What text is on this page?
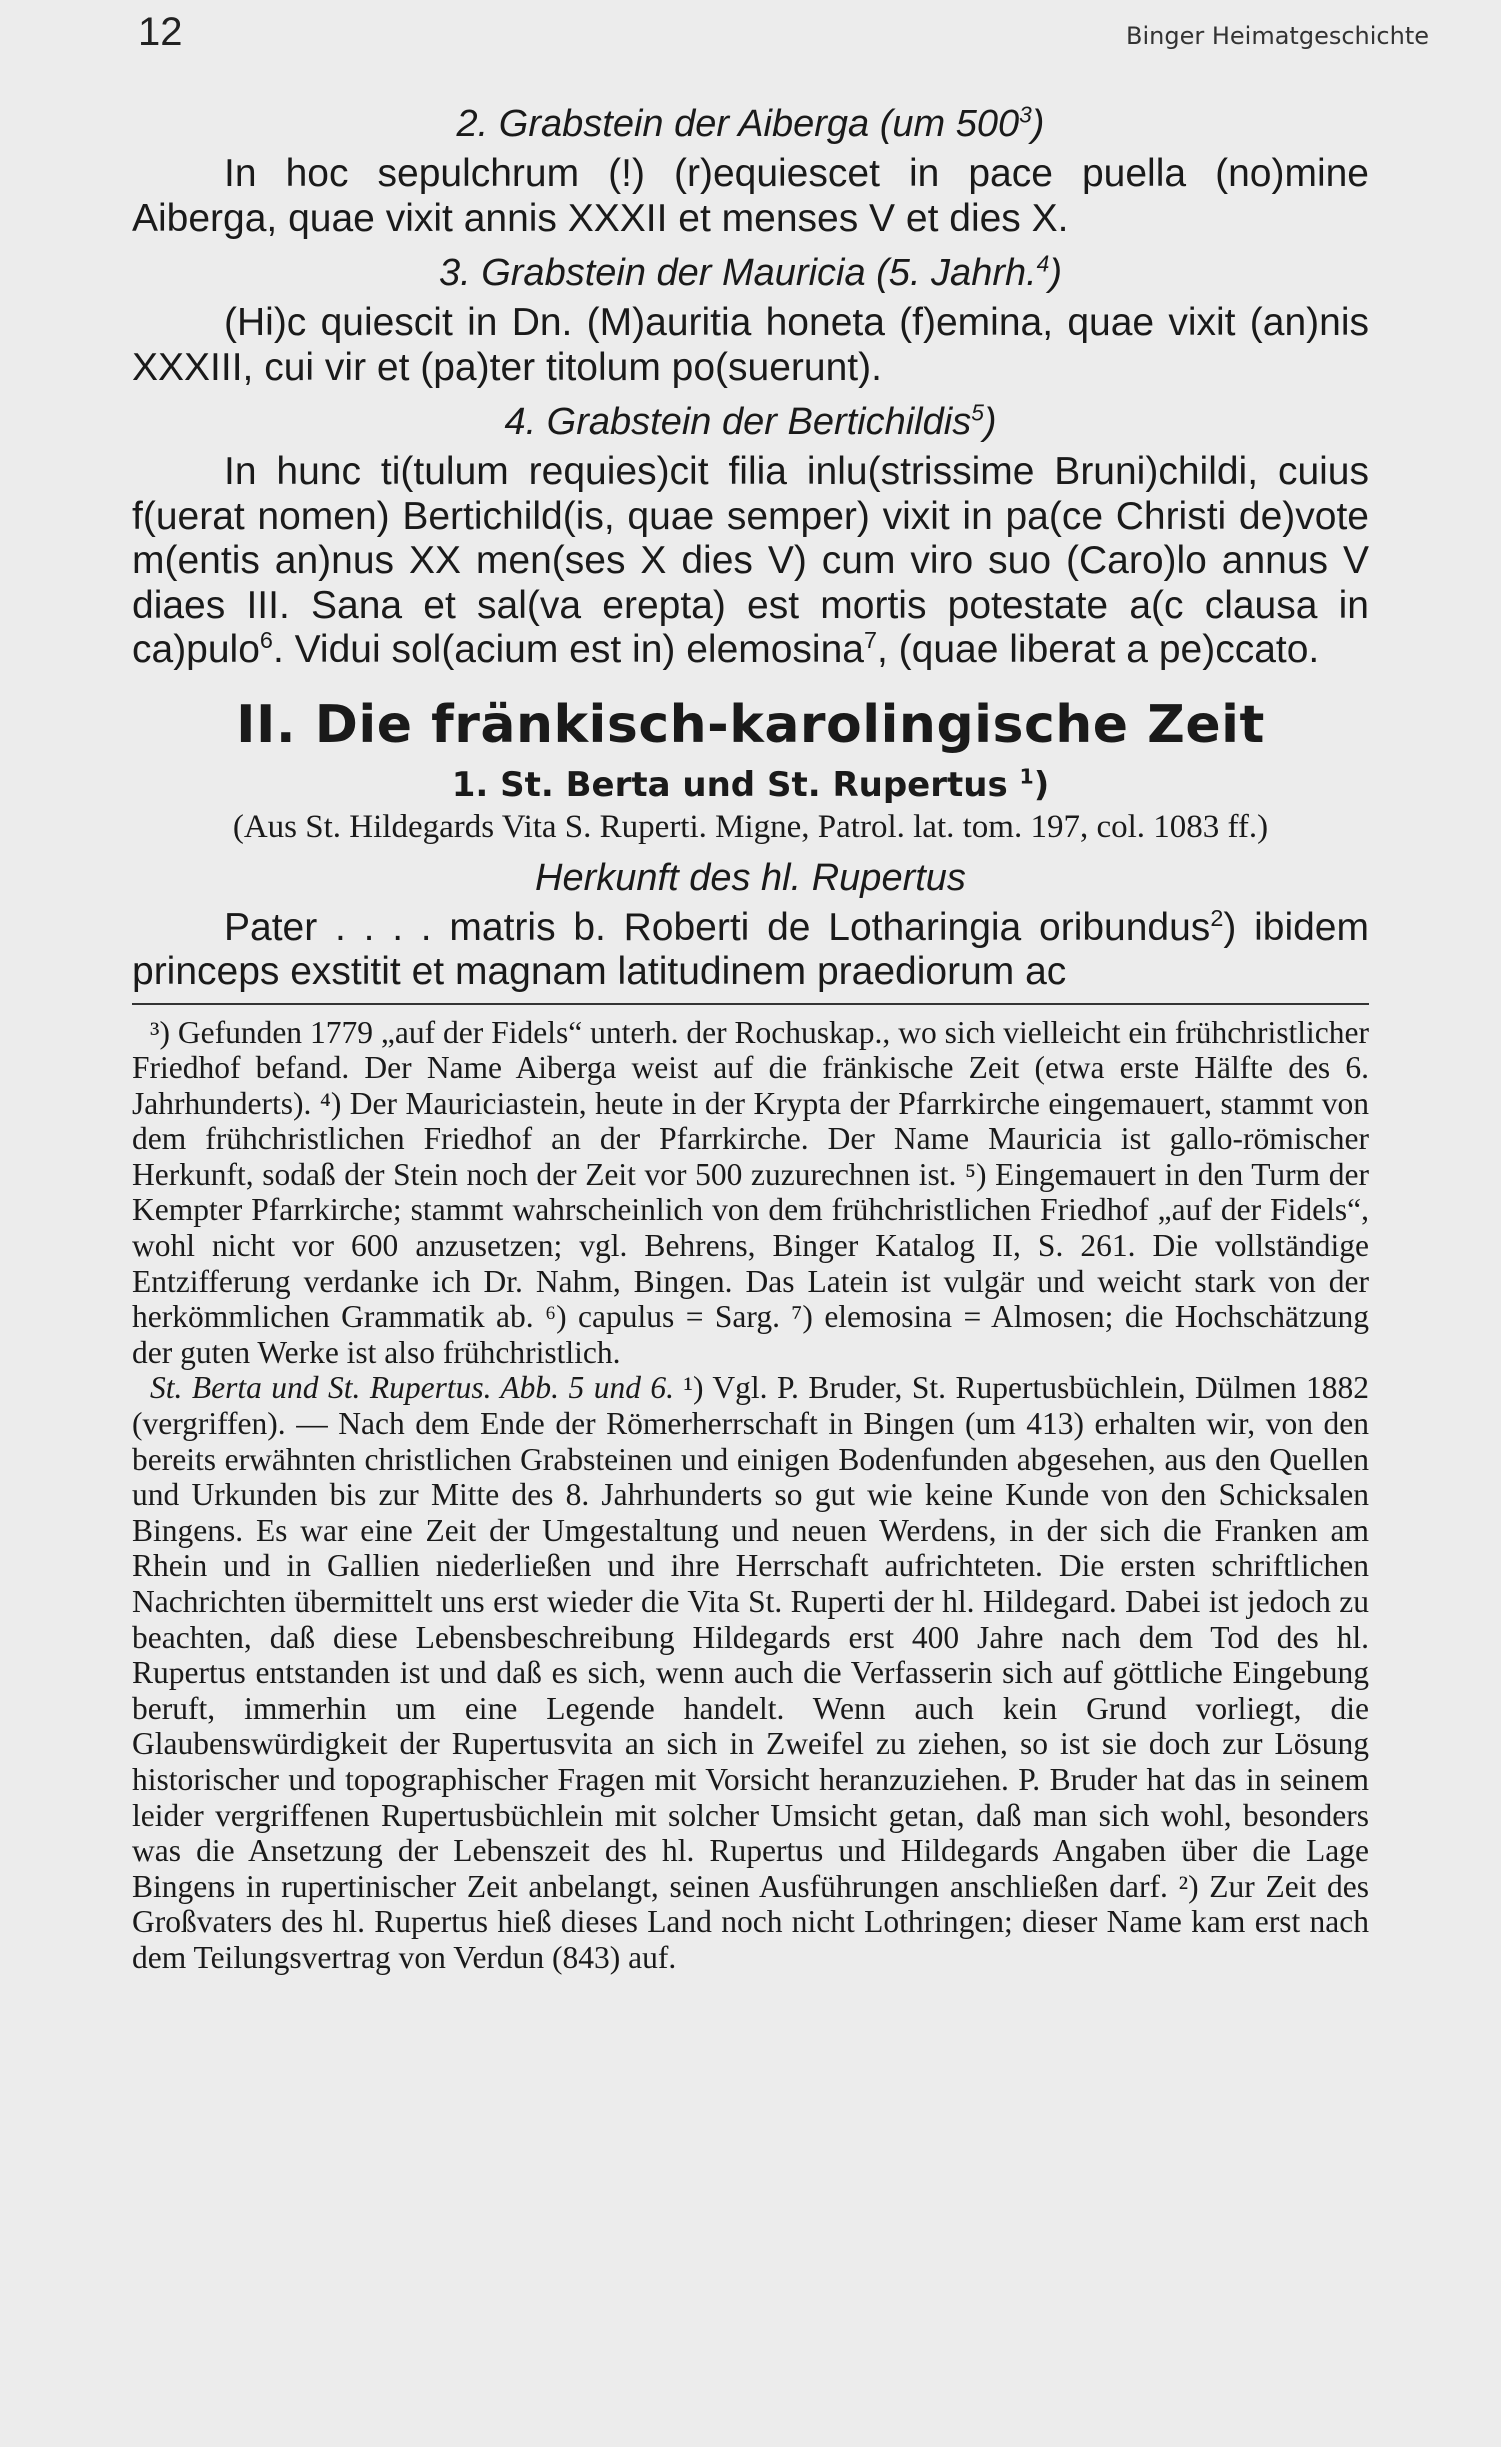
12	Binger Heimatgeschichte
2. Grabstein der Aiberga (um $500^3$)

In hoc sepulchrum (!) (r)equiescet in pace puella (no)mine Aiberga, quae vixit annis XXXII et menses V et dies X.

3. Grabstein der Mauricia (5. Jahrh.$^4$)

(Hi)c quiescit in Dn. (M)auritia honeta (f)emina, quae vixit (an)nis XXXIII, cui vir et (pa)ter titolum po(suerunt).

4. Grabstein der Bertichildis$^5$)

In hunc ti(tulum requies)cit filia inlu(strissime Bruni)childi, cuius f(uerat nomen) Bertichild(is, quae semper) vixit in pa(ce Christi de)vote m(entis an)nus XX men(ses X dies V) cum viro suo (Caro)lo annus V diaes III. Sana et sal(va erepta) est mortis potestate a(c clausa in ca)pulo$^6$. Vidui sol(acium est in) elemosina$^7$, (quae liberat a pe)ccato.

II. Die fränkisch-karolingische Zeit
1. St. Berta und St. Rupertus $^1$)
(Aus St. Hildegards Vita S. Ruperti. Migne, Patrol. lat. tom. 197, col. 1083 ff.)
Herkunft des hl. Rupertus

Pater . . . . matris b. Roberti de Lotharingia oribundus$^2$) ibidem princeps exstitit et magnam latitudinem praediorum ac

³) Gefunden 1779 „auf der Fidels“ unterh. der Rochuskap., wo sich vielleicht ein frühchristlicher Friedhof befand. Der Name Aiberga weist auf die fränkische Zeit (etwa erste Hälfte des 6. Jahrhunderts). ⁴) Der Mauriciastein, heute in der Krypta der Pfarrkirche eingemauert, stammt von dem frühchristlichen Friedhof an der Pfarrkirche. Der Name Mauricia ist gallo-römischer Herkunft, sodaß der Stein noch der Zeit vor 500 zuzurechnen ist. ⁵) Eingemauert in den Turm der Kempter Pfarrkirche; stammt wahrscheinlich von dem frühchristlichen Friedhof „auf der Fidels“, wohl nicht vor 600 anzusetzen; vgl. Behrens, Binger Katalog II, S. 261. Die vollständige Entzifferung verdanke ich Dr. Nahm, Bingen. Das Latein ist vulgär und weicht stark von der herkömmlichen Grammatik ab. ⁶) capulus = Sarg. ⁷) elemosina = Almosen; die Hochschätzung der guten Werke ist also frühchristlich.

St. Berta und St. Rupertus. Abb. 5 und 6. ¹) Vgl. P. Bruder, St. Rupertusbüchlein, Dülmen 1882 (vergriffen). — Nach dem Ende der Römerherrschaft in Bingen (um 413) erhalten wir, von den bereits erwähnten christlichen Grabsteinen und einigen Bodenfunden abgesehen, aus den Quellen und Urkunden bis zur Mitte des 8. Jahrhunderts so gut wie keine Kunde von den Schicksalen Bingens. Es war eine Zeit der Umgestaltung und neuen Werdens, in der sich die Franken am Rhein und in Gallien niederließen und ihre Herrschaft aufrichteten. Die ersten schriftlichen Nachrichten übermittelt uns erst wieder die Vita St. Ruperti der hl. Hildegard. Dabei ist jedoch zu beachten, daß diese Lebensbeschreibung Hildegards erst 400 Jahre nach dem Tod des hl. Rupertus entstanden ist und daß es sich, wenn auch die Verfasserin sich auf göttliche Eingebung beruft, immerhin um eine Legende handelt. Wenn auch kein Grund vorliegt, die Glaubenswürdigkeit der Rupertusvita an sich in Zweifel zu ziehen, so ist sie doch zur Lösung historischer und topographischer Fragen mit Vorsicht heranzuziehen. P. Bruder hat das in seinem leider vergriffenen Rupertusbüchlein mit solcher Umsicht getan, daß man sich wohl, besonders was die Ansetzung der Lebenszeit des hl. Rupertus und Hildegards Angaben über die Lage Bingens in rupertinischer Zeit anbelangt, seinen Ausführungen anschließen darf. ²) Zur Zeit des Großvaters des hl. Rupertus hieß dieses Land noch nicht Lothringen; dieser Name kam erst nach dem Teilungsvertrag von Verdun (843) auf.
